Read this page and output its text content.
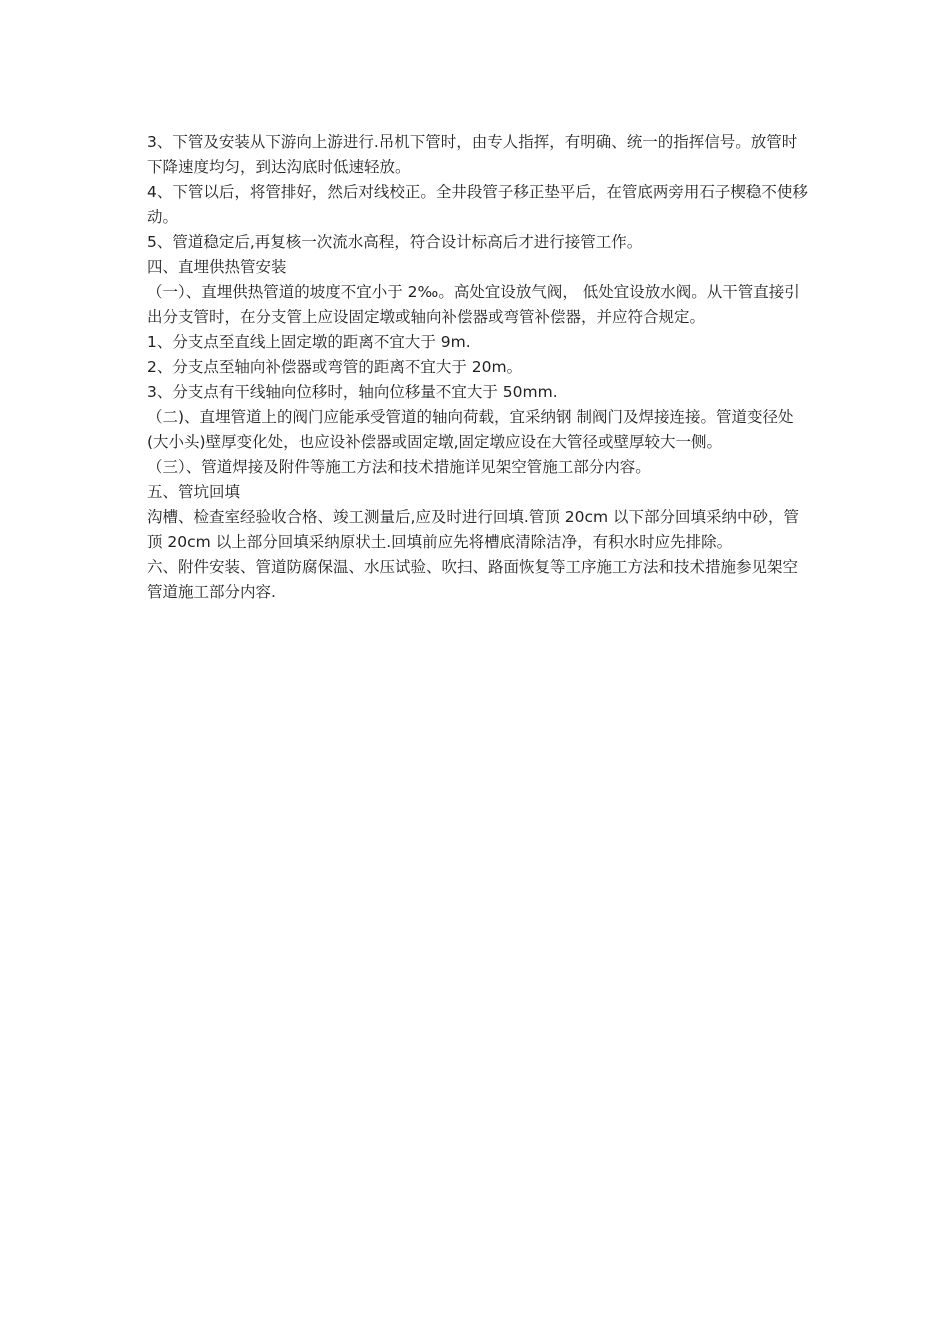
3、下管及安装从下游向上游进行.吊机下管时，由专人指挥，有明确、统一的指挥信号。放管时下降速度均匀，到达沟底时低速轻放。

4、下管以后，将管排好，然后对线校正。全井段管子移正垫平后，在管底两旁用石子楔稳不使移动。

5、管道稳定后,再复核一次流水高程，符合设计标高后才进行接管工作。

四、直埋供热管安装

（一）、直埋供热管道的坡度不宜小于 2‰。高处宜设放气阀， 低处宜设放水阀。从干管直接引出分支管时，在分支管上应设固定墩或轴向补偿器或弯管补偿器，并应符合规定。

1、分支点至直线上固定墩的距离不宜大于 9m.

2、分支点至轴向补偿器或弯管的距离不宜大于 20m。

3、分支点有干线轴向位移时，轴向位移量不宜大于 50mm.

（二)、直埋管道上的阀门应能承受管道的轴向荷载，宜采纳钢 制阀门及焊接连接。管道变径处(大小头)壁厚变化处，也应设补偿器或固定墩,固定墩应设在大管径或壁厚较大一侧。

（三）、管道焊接及附件等施工方法和技术措施详见架空管施工部分内容。

五、管坑回填

沟槽、检查室经验收合格、竣工测量后,应及时进行回填.管顶 20cm 以下部分回填采纳中砂，管顶 20cm 以上部分回填采纳原状土.回填前应先将槽底清除洁净，有积水时应先排除。

六、附件安装、管道防腐保温、水压试验、吹扫、路面恢复等工序施工方法和技术措施参见架空管道施工部分内容.
